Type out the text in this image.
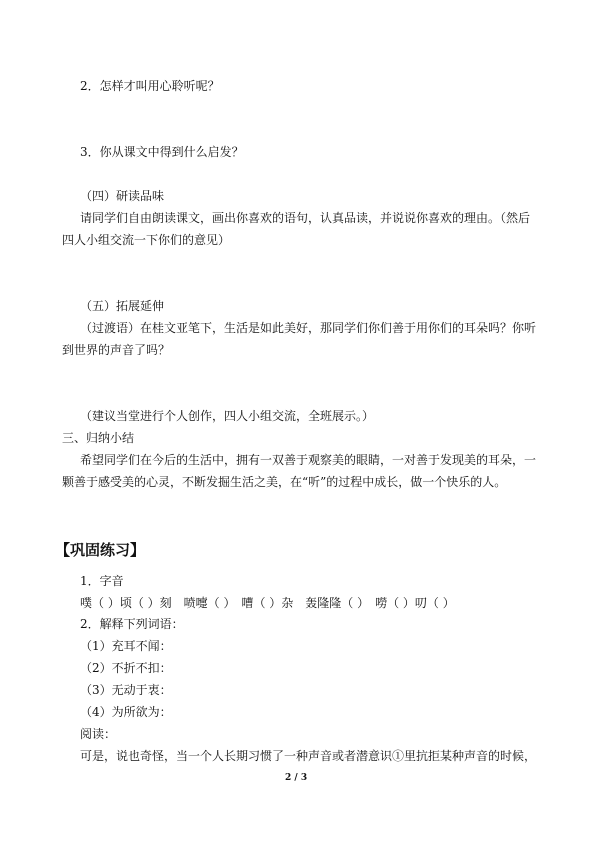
2．怎样才叫用心聆听呢？
3．你从课文中得到什么启发？
（四）研读品味
请同学们自由朗读课文，画出你喜欢的语句，认真品读，并说说你喜欢的理由。（然后
四人小组交流一下你们的意见）
（五）拓展延伸
（过渡语）在桂文亚笔下，生活是如此美好，那同学们你们善于用你们的耳朵吗？你听
到世界的声音了吗？
（建议当堂进行个人创作，四人小组交流，全班展示。）
三、归纳小结
希望同学们在今后的生活中，拥有一双善于观察美的眼睛，一对善于发现美的耳朵，一
颗善于感受美的心灵，不断发掘生活之美，在“听”的过程中成长，做一个快乐的人。
【巩固练习】
1．字音
噗（ ）顷（ ）刻　喷嚏（ ）　嘈（ ）杂　轰隆隆（ ）　嘮（ ）叨（ ）
2．解释下列词语：
（1）充耳不闻：
（2）不折不扣：
（3）无动于衷：
（4）为所欲为：
阅读：
可是，说也奇怪，当一个人长期习惯了一种声音或者潜意识①里抗拒某种声音的时候，
2 / 3
